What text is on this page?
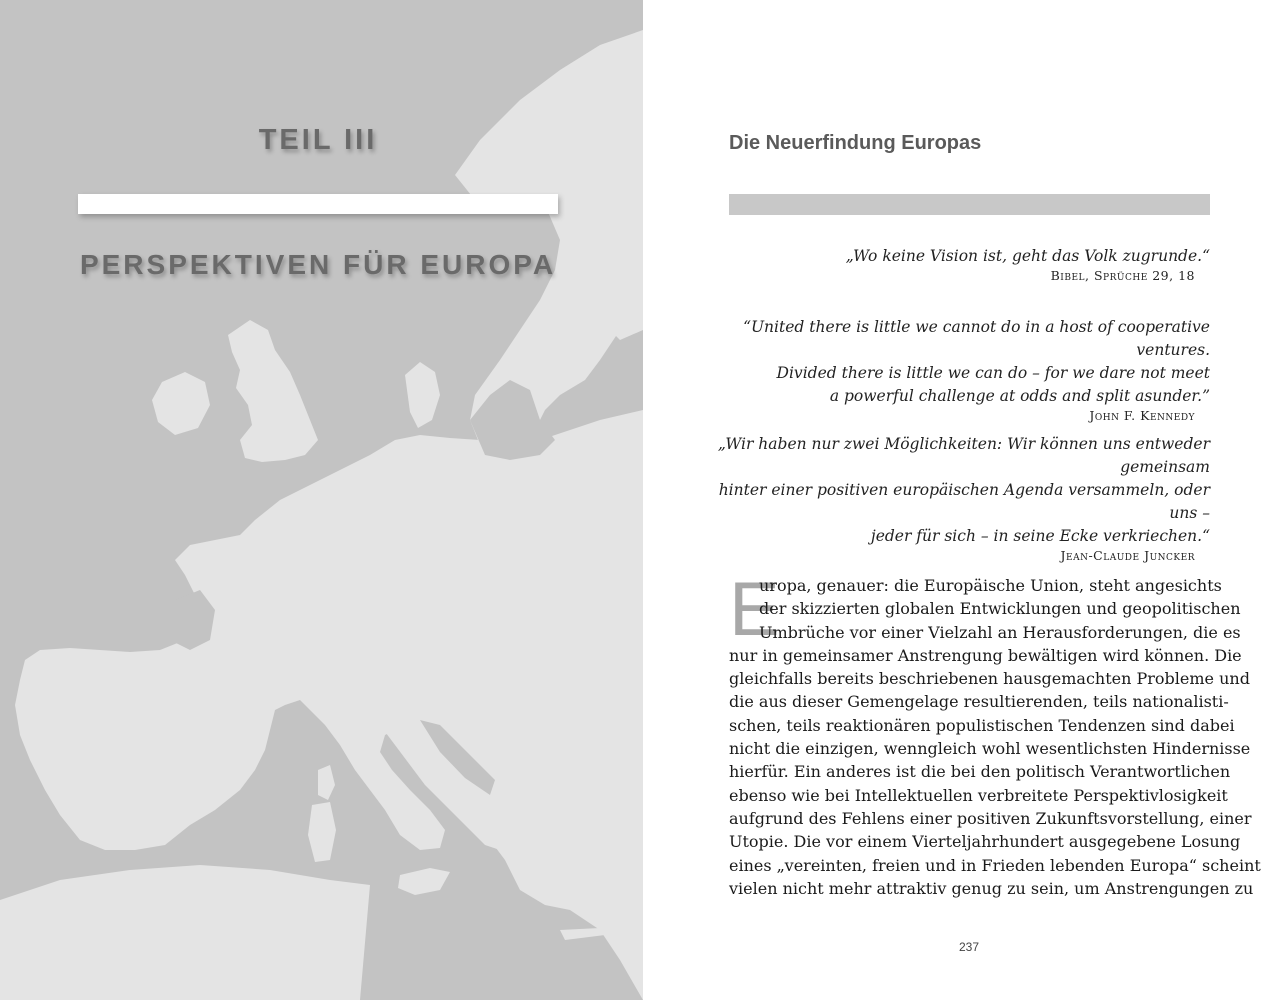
TEIL III
PERSPEKTIVEN FÜR EUROPA
Die Neuerfindung Europas
„Wo keine Vision ist, geht das Volk zugrunde.“
Bibel, Sprüche 29, 18
“United there is little we cannot do in a host of cooperative ventures.
Divided there is little we can do – for we dare not meet
a powerful challenge at odds and split asunder.”
John F. Kennedy
„Wir haben nur zwei Möglichkeiten: Wir können uns entweder gemeinsam
hinter einer positiven europäischen Agenda versammeln, oder uns –
jeder für sich – in seine Ecke verkriechen.“
Jean-Claude Juncker
E
uropa, genauer: die Europäische Union, steht angesichts
der skizzierten globalen Entwicklungen und geopolitischen
Umbrüche vor einer Vielzahl an Herausforderungen, die es
nur in gemeinsamer Anstrengung bewältigen wird können. Die
gleichfalls bereits beschriebenen hausgemachten Probleme und
die aus dieser Gemengelage resultierenden, teils nationalisti-
schen, teils reaktionären populistischen Tendenzen sind dabei
nicht die einzigen, wenngleich wohl wesentlichsten Hindernisse
hierfür. Ein anderes ist die bei den politisch Verantwortlichen
ebenso wie bei Intellektuellen verbreitete Perspektivlosigkeit
aufgrund des Fehlens einer positiven Zukunftsvorstellung, einer
Utopie. Die vor einem Vierteljahrhundert ausgegebene Losung
eines „vereinten, freien und in Frieden lebenden Europa“ scheint
vielen nicht mehr attraktiv genug zu sein, um Anstrengungen zu
237
